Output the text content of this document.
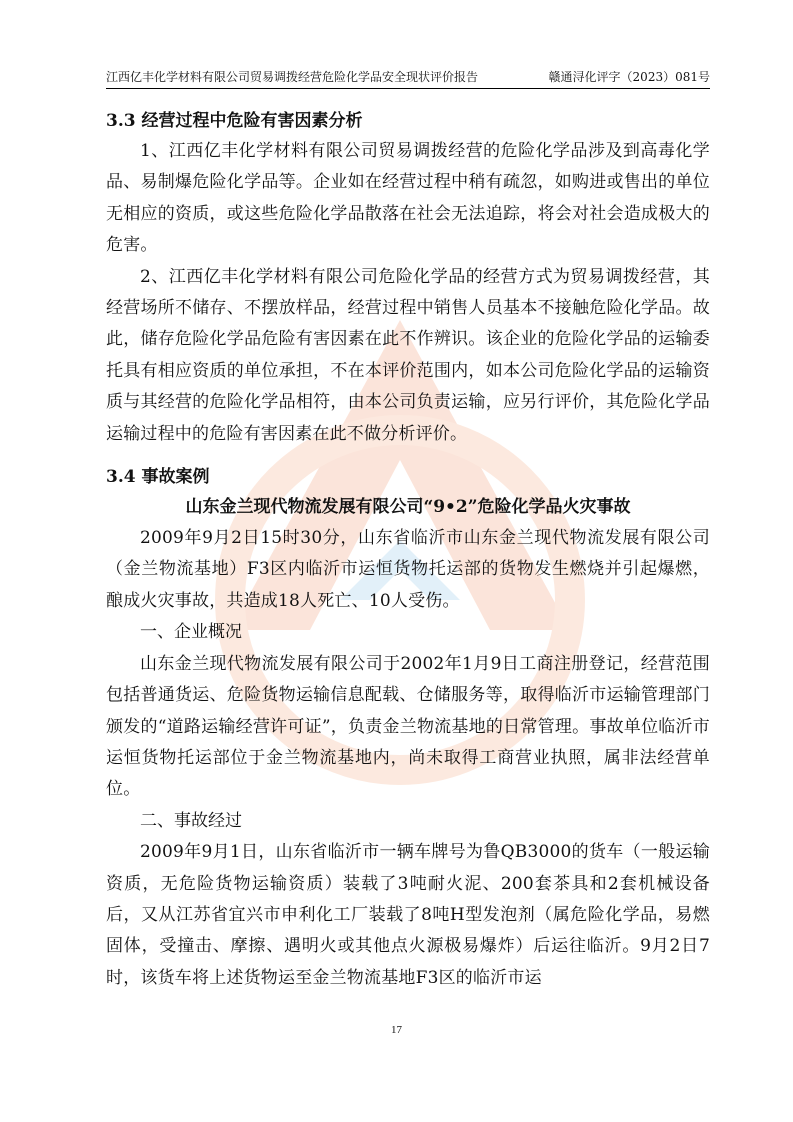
江西亿丰化学材料有限公司贸易调拨经营危险化学品安全现状评价报告	赣通浔化评字（2023）081号

3.3 经营过程中危险有害因素分析

1、江西亿丰化学材料有限公司贸易调拨经营的危险化学品涉及到高毒化学品、易制爆危险化学品等。企业如在经营过程中稍有疏忽，如购进或售出的单位无相应的资质，或这些危险化学品散落在社会无法追踪，将会对社会造成极大的危害。

2、江西亿丰化学材料有限公司危险化学品的经营方式为贸易调拨经营，其经营场所不储存、不摆放样品，经营过程中销售人员基本不接触危险化学品。故此，储存危险化学品危险有害因素在此不作辨识。该企业的危险化学品的运输委托具有相应资质的单位承担，不在本评价范围内，如本公司危险化学品的运输资质与其经营的危险化学品相符，由本公司负责运输，应另行评价，其危险化学品运输过程中的危险有害因素在此不做分析评价。

3.4 事故案例

山东金兰现代物流发展有限公司“9•2”危险化学品火灾事故

2009年9月2日15时30分，山东省临沂市山东金兰现代物流发展有限公司（金兰物流基地）F3区内临沂市运恒货物托运部的货物发生燃烧并引起爆燃，酿成火灾事故，共造成18人死亡、10人受伤。

一、企业概况

山东金兰现代物流发展有限公司于2002年1月9日工商注册登记，经营范围包括普通货运、危险货物运输信息配载、仓储服务等，取得临沂市运输管理部门颁发的“道路运输经营许可证”，负责金兰物流基地的日常管理。事故单位临沂市运恒货物托运部位于金兰物流基地内，尚未取得工商营业执照，属非法经营单位。

二、事故经过

2009年9月1日，山东省临沂市一辆车牌号为鲁QB3000的货车（一般运输资质，无危险货物运输资质）装载了3吨耐火泥、200套茶具和2套机械设备后，又从江苏省宜兴市申利化工厂装载了8吨H型发泡剂（属危险化学品，易燃固体，受撞击、摩擦、遇明火或其他点火源极易爆炸）后运往临沂。9月2日7时，该货车将上述货物运至金兰物流基地F3区的临沂市运

17
